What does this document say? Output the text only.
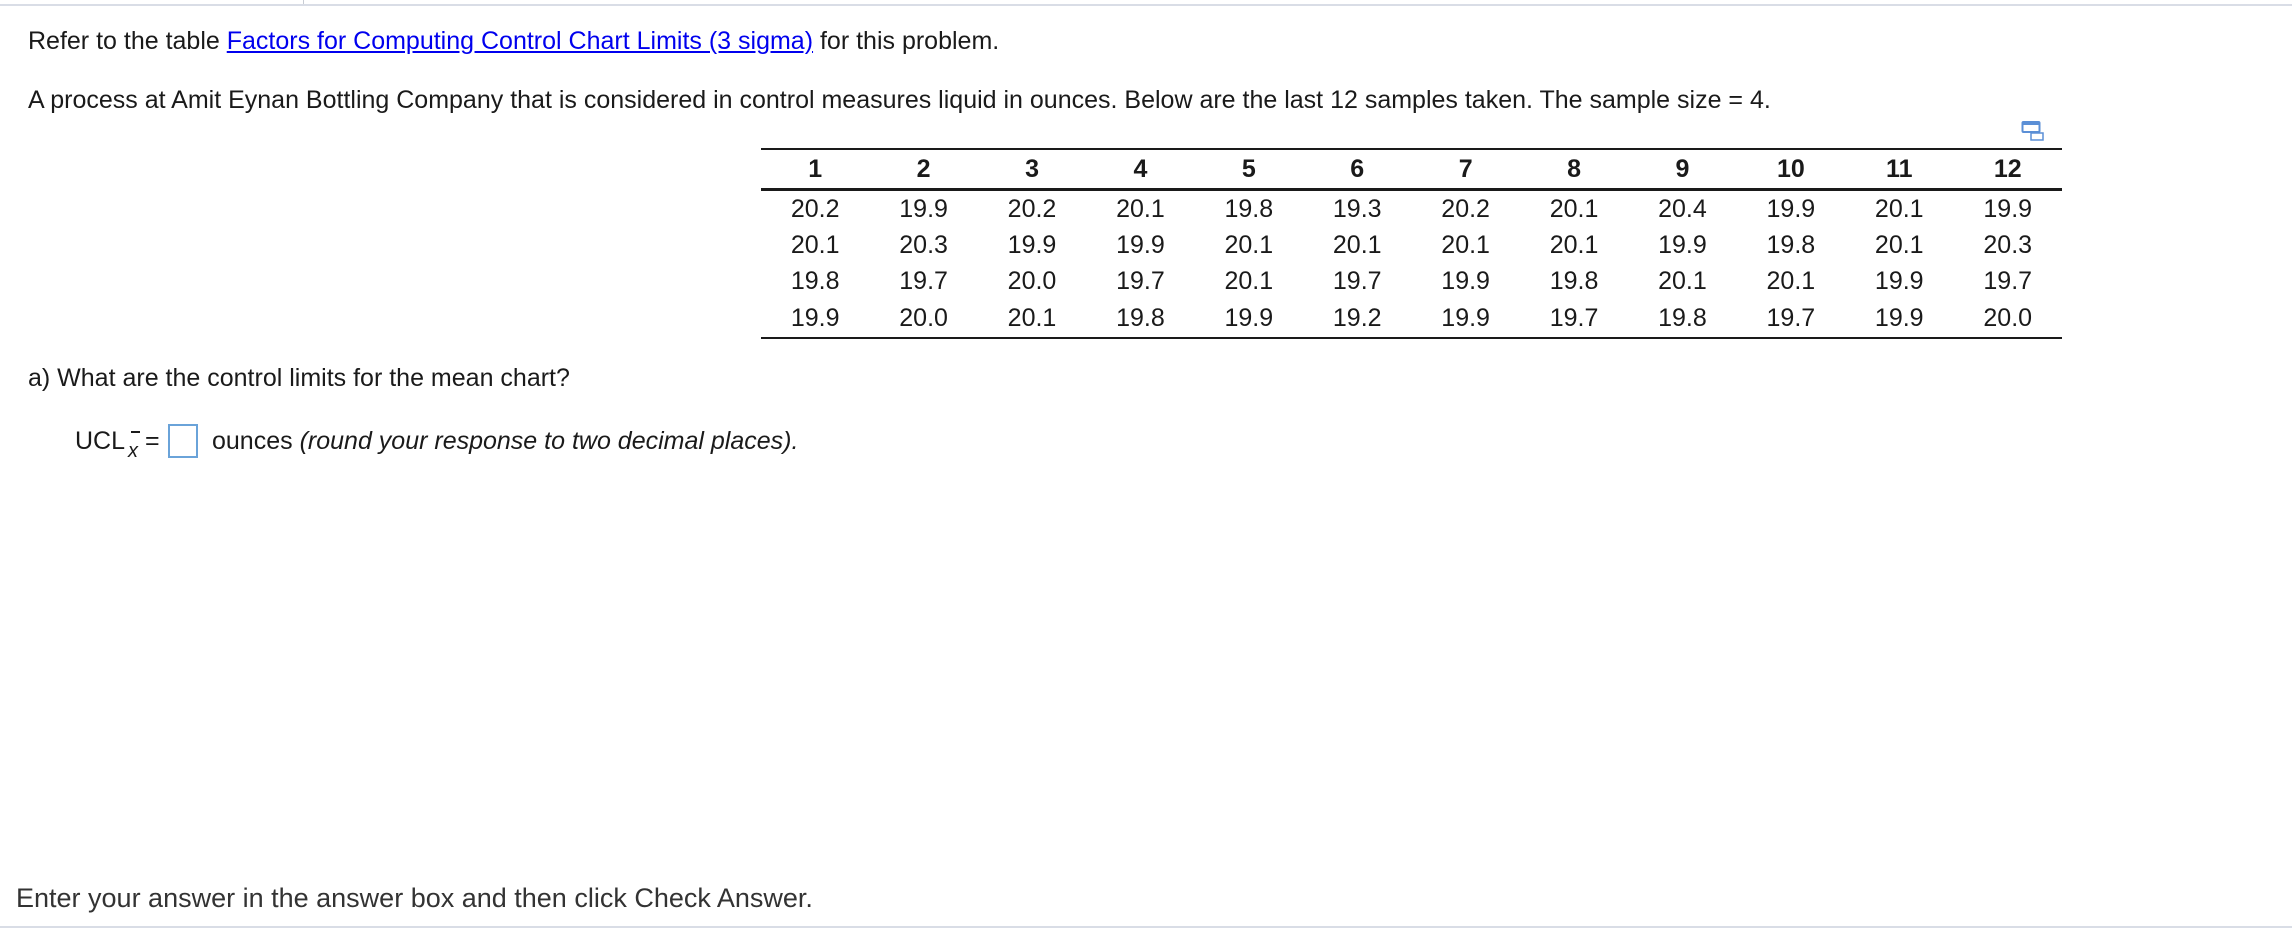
Refer to the table Factors for Computing Control Chart Limits (3 sigma) for this problem.
A process at Amit Eynan Bottling Company that is considered in control measures liquid in ounces. Below are the last 12 samples taken. The sample size = 4.
1	2	3	4	5	6	7	8	9	10	11	12
20.2	19.9	20.2	20.1	19.8	19.3	20.2	20.1	20.4	19.9	20.1	19.9
20.1	20.3	19.9	19.9	20.1	20.1	20.1	20.1	19.9	19.8	20.1	20.3
19.8	19.7	20.0	19.7	20.1	19.7	19.9	19.8	20.1	20.1	19.9	19.7
19.9	20.0	20.1	19.8	19.9	19.2	19.9	19.7	19.8	19.7	19.9	20.0
a) What are the control limits for the mean chart?
UCL x = ounces (round your response to two decimal places).
Enter your answer in the answer box and then click Check Answer.
